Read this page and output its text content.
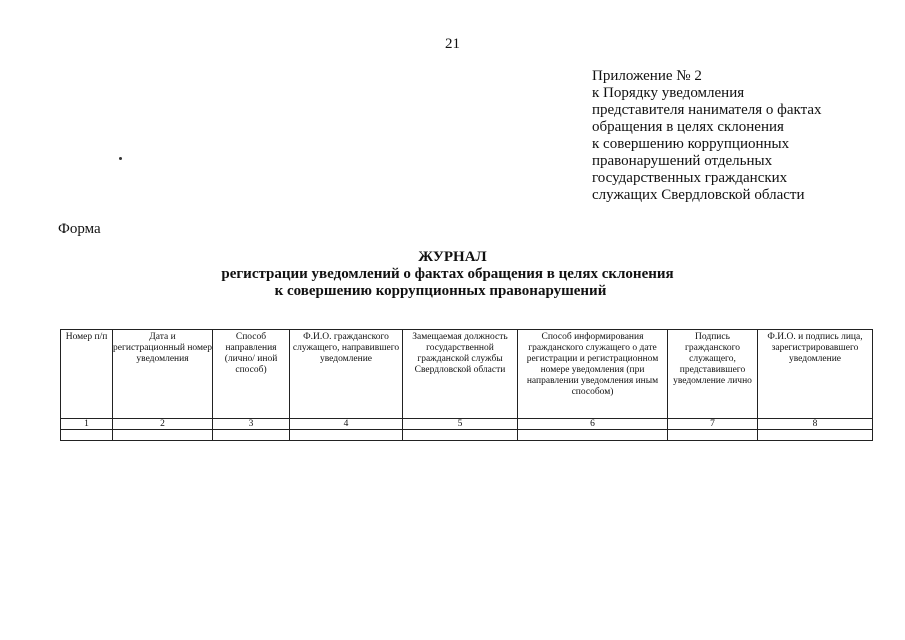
21
Приложение № 2
к Порядку уведомления
представителя нанимателя о фактах
обращения в целях склонения
к совершению коррупционных
правонарушений отдельных
государственных гражданских
служащих Свердловской области
Форма
ЖУРНАЛ
регистрации уведомлений о фактах обращения в целях склонения
к совершению коррупционных правонарушений
Номер п/п	Дата и регистрационный номер уведомления	Способ направления (лично/ иной способ)	Ф.И.О. гражданского служащего, направившего уведомление	Замещаемая должность государственной гражданской службы Свердловской области	Способ информирования гражданского служащего о дате регистрации и регистрационном номере уведомления (при направлении уведомления иным способом)	Подпись гражданского служащего, представившего уведомление лично	Ф.И.О. и подпись лица, зарегистрировавшего уведомление
1	2	3	4	5	6	7	8
